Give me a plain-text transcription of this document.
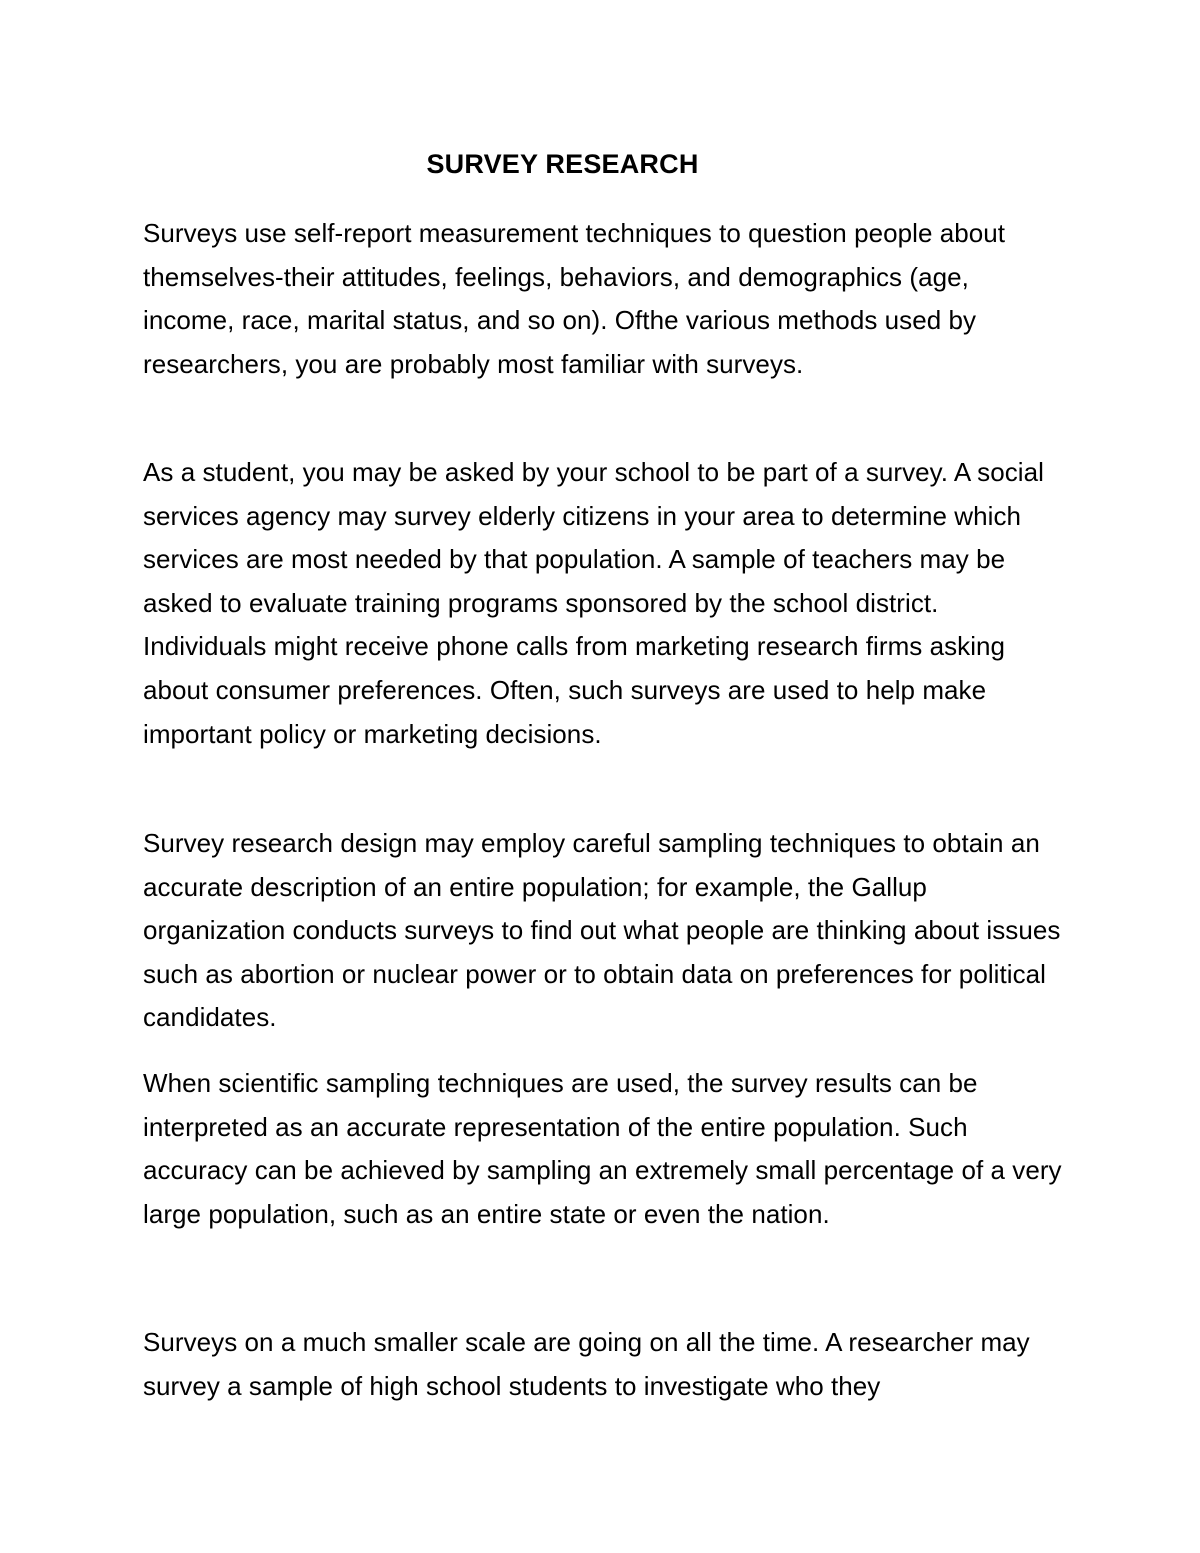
SURVEY RESEARCH

Surveys use self-report measurement techniques to question people about themselves-their attitudes, feelings, behaviors, and demographics (age, income, race, marital status, and so on). Ofthe various methods used by researchers, you are probably most familiar with surveys.

As a student, you may be asked by your school to be part of a survey. A social services agency may survey elderly citizens in your area to determine which services are most needed by that population. A sample of teachers may be asked to evaluate training programs sponsored by the school district. Individuals might receive phone calls from marketing research firms asking about consumer preferences. Often, such surveys are used to help make important policy or marketing decisions.

Survey research design may employ careful sampling techniques to obtain an accurate description of an entire population; for example, the Gallup organization conducts surveys to find out what people are thinking about issues such as abortion or nuclear power or to obtain data on preferences for political candidates.

When scientific sampling techniques are used, the survey results can be interpreted as an accurate representation of the entire population. Such accuracy can be achieved by sampling an extremely small percentage of a very large population, such as an entire state or even the nation.

Surveys on a much smaller scale are going on all the time. A researcher may survey a sample of high school students to investigate who they
